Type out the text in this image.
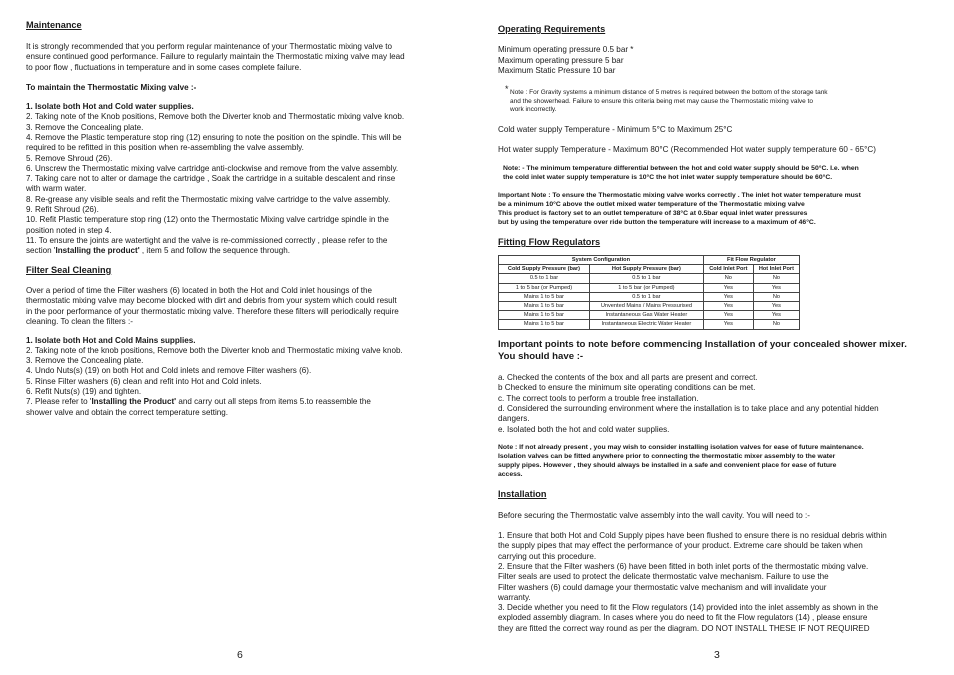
Maintenance
It is strongly recommended that you perform regular maintenance of your Thermostatic mixing valve to
ensure continued good performance. Failure to regularly maintain the Thermostatic mixing valve may lead
to poor flow , fluctuations in temperature and in some cases complete failure.
To maintain the Thermostatic Mixing valve :-
1. Isolate both Hot and Cold water supplies.
2. Taking note of the Knob positions, Remove both the Diverter knob and Thermostatic mixing valve knob.
3. Remove the Concealing plate.
4. Remove the Plastic temperature stop ring (12) ensuring to note the position on the spindle. This will be
required to be refitted in this position when re-assembling the valve assembly.
5. Remove Shroud (26).
6. Unscrew the Thermostatic mixing valve cartridge anti-clockwise and remove from the valve assembly.
7. Taking care not to alter or damage the cartridge , Soak the cartridge in a suitable descalent and rinse
with warm water.
8. Re-grease any visible seals and refit the Thermostatic mixing valve cartridge to the valve assembly.
9. Refit Shroud (26).
10. Refit Plastic temperature stop ring (12) onto the Thermostatic Mixing valve cartridge spindle in the
position noted in step 4.
11. To ensure the joints are watertight and the valve is re-commissioned correctly , please refer to the
section 'Installing the product' , item 5 and follow the sequence through.
Filter Seal Cleaning
Over a period of time the Filter washers (6) located in both the Hot and Cold inlet housings of the
thermostatic mixing valve may become blocked with dirt and debris from your system which could result
in the poor performance of your thermostatic mixing valve. Therefore these filters will periodically require
cleaning. To clean the filters :-
1. Isolate both Hot and Cold Mains supplies.
2. Taking note of the knob positions, Remove both the Diverter knob and Thermostatic mixing valve knob.
3. Remove the Concealing plate.
4. Undo Nuts(s) (19) on both Hot and Cold inlets and remove Filter washers (6).
5. Rinse Filter washers (6) clean and refit into Hot and Cold inlets.
6. Refit Nuts(s) (19) and tighten.
7. Please refer to 'Installing the Product' and carry out all steps from items 5.to reassemble the
shower valve and obtain the correct temperature setting.
6
Operating Requirements
Minimum operating pressure 0.5 bar *
Maximum operating pressure 5 bar
Maximum Static Pressure 10 bar
* Note : For Gravity systems a minimum distance of 5 metres is required between the bottom of the storage tank
and the showerhead. Failure to ensure this criteria being met may cause the Thermostatic mixing valve to
work incorrectly.
Cold water supply Temperature - Minimum 5°C to Maximum 25°C
Hot water supply Temperature - Maximum 80°C (Recommended Hot water supply temperature 60 - 65°C)
Note: - The minimum temperature differential between the hot and cold water supply should be 50°C. I.e. when
the cold inlet water supply temperature is 10°C the hot inlet water supply temperature should be 60°C.
Important Note : To ensure the Thermostatic mixing valve works correctly . The inlet hot water temperature must
be a minimum 10°C above the outlet mixed water temperature of the Thermostatic mixing valve
This product is factory set to an outlet temperature of 38°C at 0.5bar equal inlet water pressures
but by using the temperature over ride button the temperature will increase to a maximum of 46°C.
Fitting Flow Regulators
System Configuration		Fit Flow Regulator	
Cold Supply Pressure (bar)	Hot Supply Pressure (bar)	Cold Inlet Port	Hot Inlet Port
0.5 to 1 bar	0.5 to 1 bar	No	No
1 to 5 bar (or Pumped)	1 to 5 bar (or Pumped)	Yes	Yes
Mains 1 to 5 bar	0.5 to 1 bar	Yes	No
Mains 1 to 5 bar	Unvented Mains / Mains Pressurised	Yes	Yes
Mains 1 to 5 bar	Instantaneous Gas Water Heater	Yes	Yes
Mains 1 to 5 bar	Instantaneous Electric Water Heater	Yes	No
Important points to note before commencing Installation of your concealed shower mixer.
You should have :-
a. Checked the contents of the box and all parts are present and correct.
b Checked to ensure the minimum site operating conditions can be met.
c. The correct tools to perform a trouble free installation.
d. Considered the surrounding environment where the installation is to take place and any potential hidden
dangers.
e. Isolated both the hot and cold water supplies.
Note : If not already present , you may wish to consider installing isolation valves for ease of future maintenance.
Isolation valves can be fitted anywhere prior to connecting the thermostatic mixer assembly to the water
supply pipes. However , they should always be installed in a safe and convenient place for ease of future
access.
Installation
Before securing the Thermostatic valve assembly into the wall cavity. You will need to :-
1. Ensure that both Hot and Cold Supply pipes have been flushed to ensure there is no residual debris within
the supply pipes that may effect the performance of your product. Extreme care should be taken when
carrying out this procedure.
2. Ensure that the Filter washers (6) have been fitted in both inlet ports of the thermostatic mixing valve.
Filter seals are used to protect the delicate thermostatic valve mechanism. Failure to use the
Filter washers (6) could damage your thermostatic valve mechanism and will invalidate your
warranty.
3. Decide whether you need to fit the Flow regulators (14) provided into the inlet assembly as shown in the
exploded assembly diagram. In cases where you do need to fit the Flow regulators (14) , please ensure
they are fitted the correct way round as per the diagram. DO NOT INSTALL THESE IF NOT REQUIRED
3
